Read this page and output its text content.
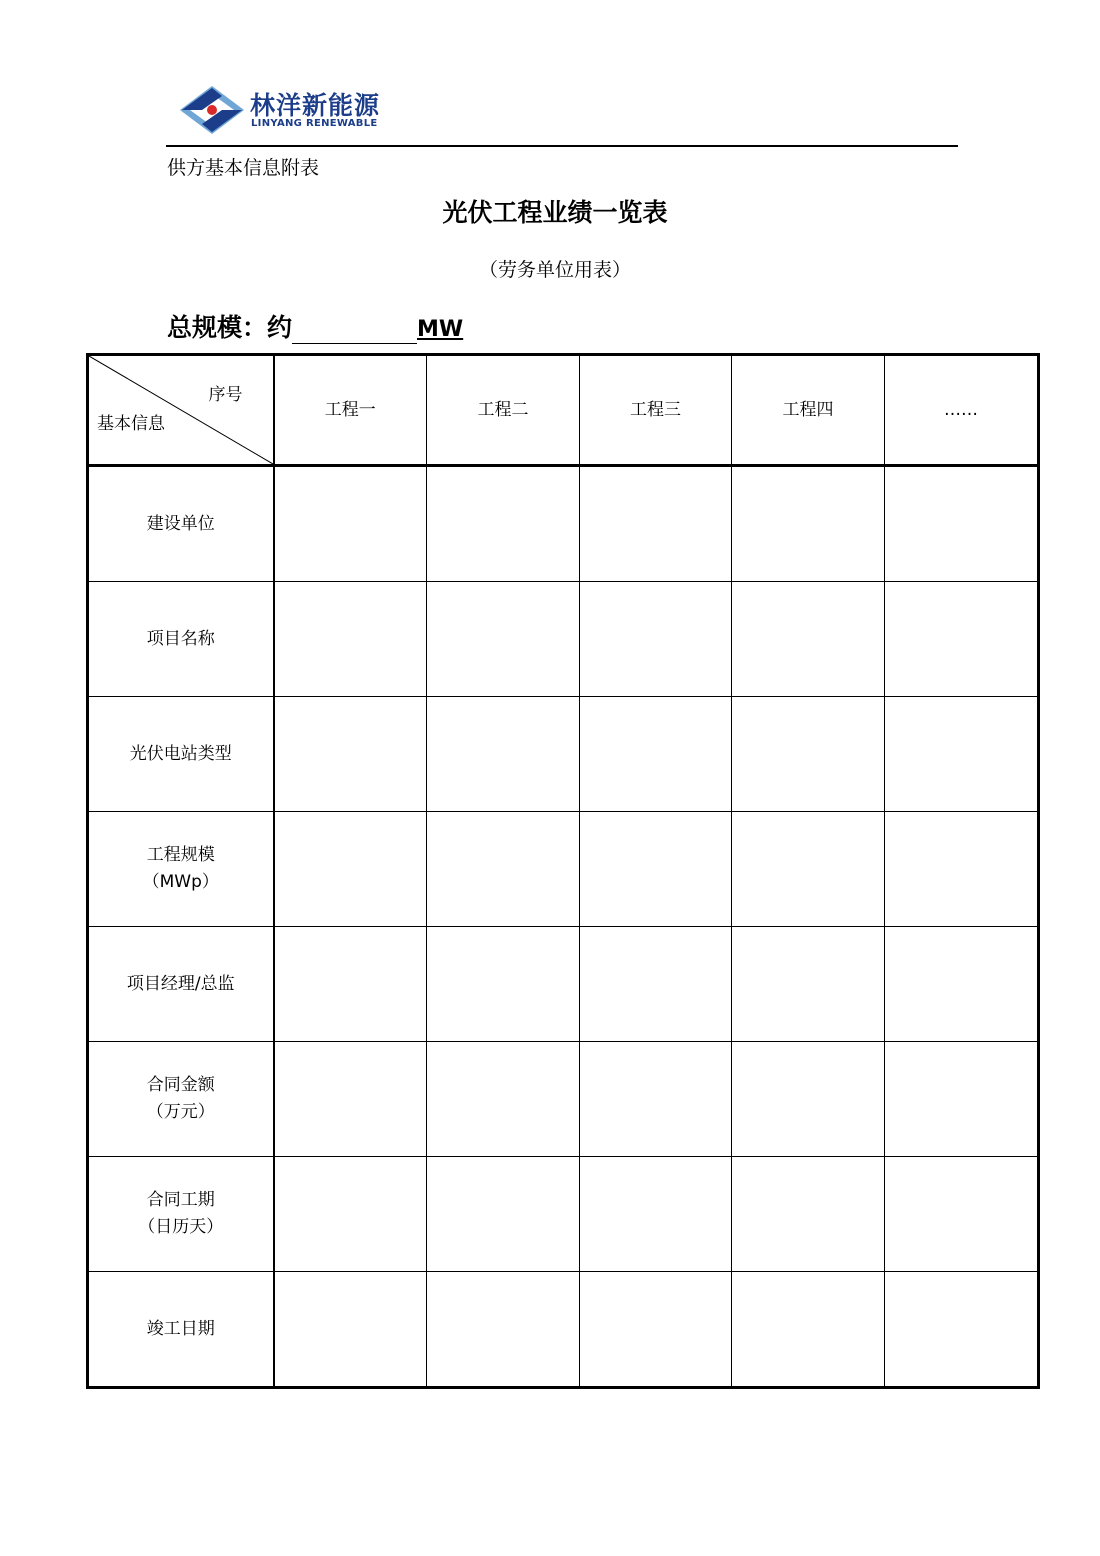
林洋新能源
LINYANG RENEWABLE
供方基本信息附表
光伏工程业绩一览表
（劳务单位用表）
总规模：约	MW
序号
基本信息	工程一	工程二	工程三	工程四	……

建设单位					

项目名称					

光伏电站类型					

工程规模
（MWp）					

项目经理/总监					

合同金额
（万元）					

合同工期
（日历天）					

竣工日期					
